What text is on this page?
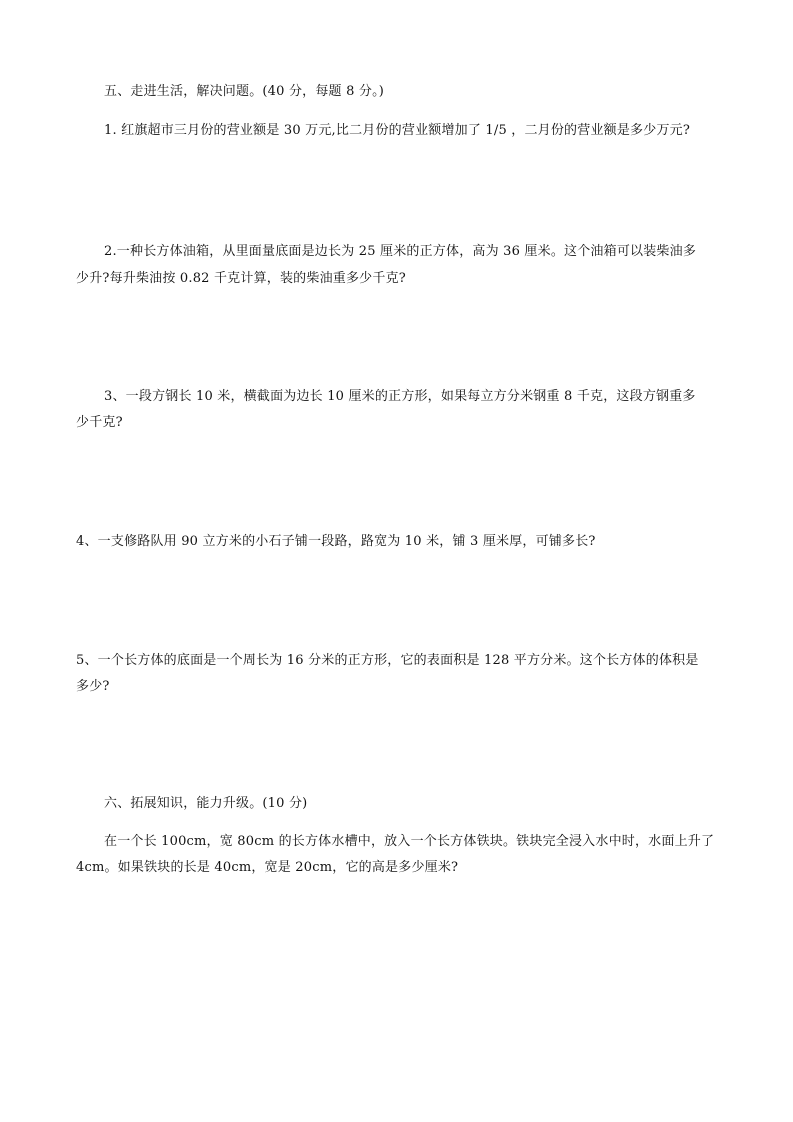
五、走进生活，解决问题。(40 分，每题 8 分。)
1. 红旗超市三月份的营业额是 30 万元,比二月份的营业额增加了 1/5 ，二月份的营业额是多少万元?
2.一种长方体油箱，从里面量底面是边长为 25 厘米的正方体，高为 36 厘米。这个油箱可以装柴油多
少升?每升柴油按 0.82 千克计算，装的柴油重多少千克?
3、一段方钢长 10 米，横截面为边长 10 厘米的正方形，如果每立方分米钢重 8 千克，这段方钢重多
少千克?
4、一支修路队用 90 立方米的小石子铺一段路，路宽为 10 米，铺 3 厘米厚，可铺多长?
5、一个长方体的底面是一个周长为 16 分米的正方形，它的表面积是 128 平方分米。这个长方体的体积是
多少?
六、拓展知识，能力升级。(10 分)
在一个长 100cm，宽 80cm 的长方体水槽中，放入一个长方体铁块。铁块完全浸入水中时，水面上升了
4cm。如果铁块的长是 40cm，宽是 20cm，它的高是多少厘米?
